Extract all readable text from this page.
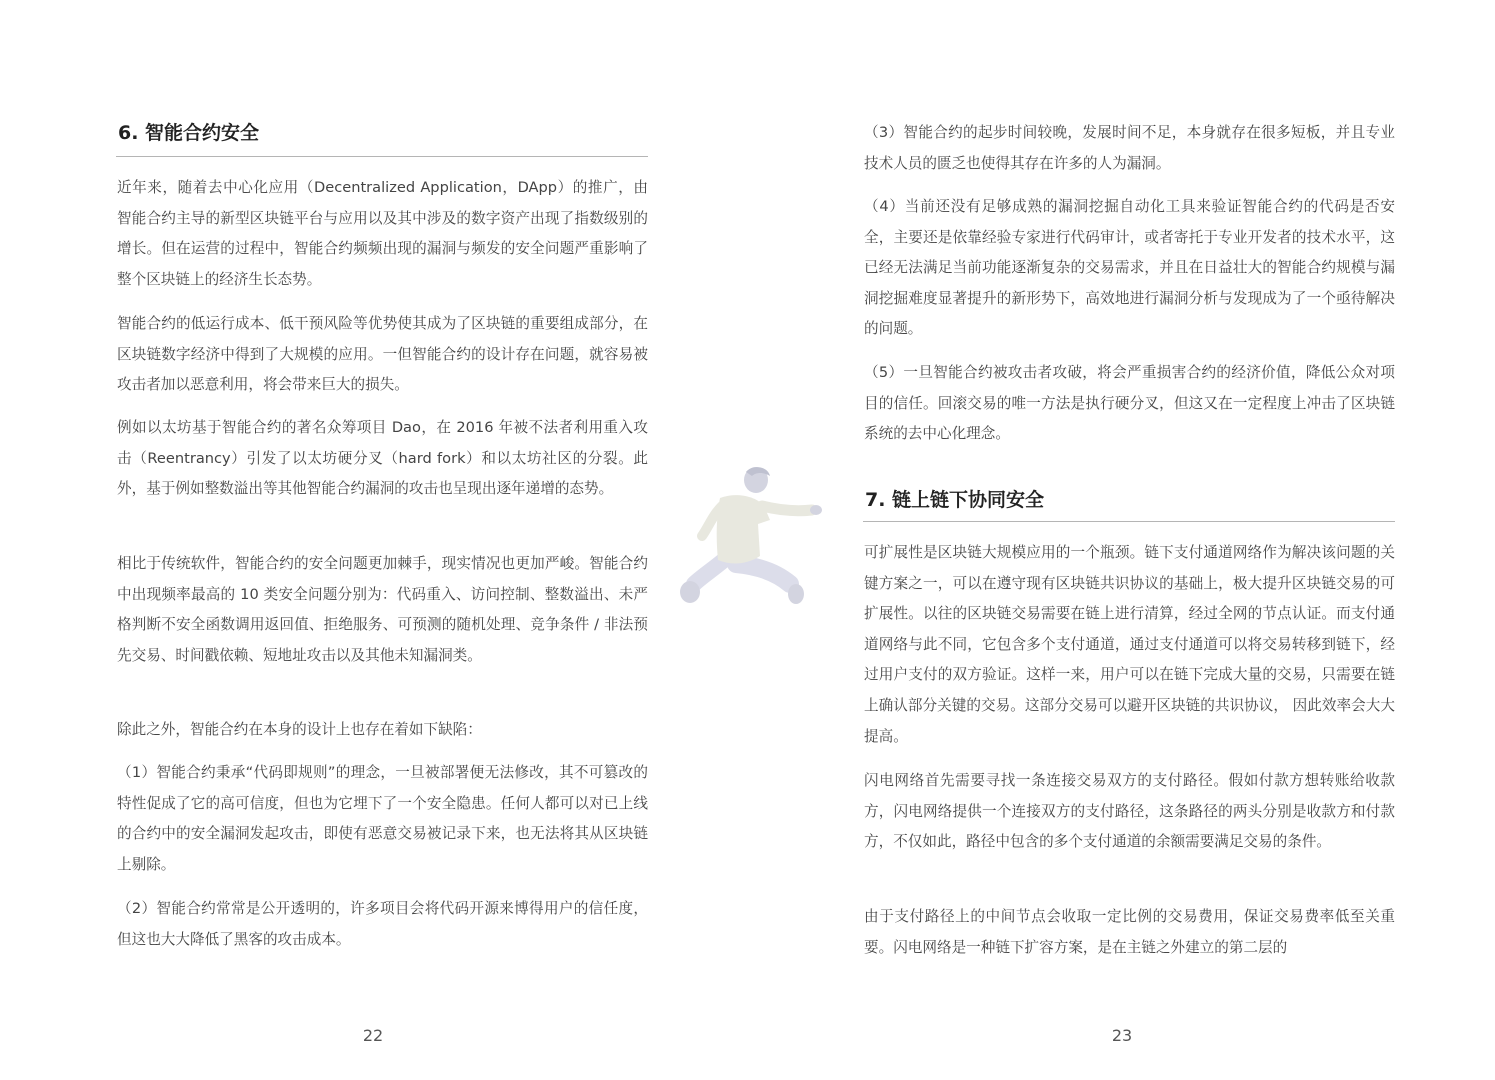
6. 智能合约安全
近年来，随着去中心化应用（Decentralized Application，DApp）的推广，由智能合约主导的新型区块链平台与应用以及其中涉及的数字资产出现了指数级别的增长。但在运营的过程中，智能合约频频出现的漏洞与频发的安全问题严重影响了整个区块链上的经济生长态势。
智能合约的低运行成本、低干预风险等优势使其成为了区块链的重要组成部分，在区块链数字经济中得到了大规模的应用。一但智能合约的设计存在问题，就容易被攻击者加以恶意利用，将会带来巨大的损失。
例如以太坊基于智能合约的著名众筹项目 Dao，在 2016 年被不法者利用重入攻击（Reentrancy）引发了以太坊硬分叉（hard fork）和以太坊社区的分裂。此外，基于例如整数溢出等其他智能合约漏洞的攻击也呈现出逐年递增的态势。
相比于传统软件，智能合约的安全问题更加棘手，现实情况也更加严峻。智能合约中出现频率最高的 10 类安全问题分别为：代码重入、访问控制、整数溢出、未严格判断不安全函数调用返回值、拒绝服务、可预测的随机处理、竞争条件 / 非法预先交易、时间戳依赖、短地址攻击以及其他未知漏洞类。
除此之外，智能合约在本身的设计上也存在着如下缺陷：
（1）智能合约秉承“代码即规则”的理念，一旦被部署便无法修改，其不可篡改的特性促成了它的高可信度，但也为它埋下了一个安全隐患。任何人都可以对已上线的合约中的安全漏洞发起攻击，即使有恶意交易被记录下来，也无法将其从区块链上剔除。
（2）智能合约常常是公开透明的，许多项目会将代码开源来博得用户的信任度，但这也大大降低了黑客的攻击成本。
22
（3）智能合约的起步时间较晚，发展时间不足，本身就存在很多短板，并且专业技术人员的匮乏也使得其存在许多的人为漏洞。
（4）当前还没有足够成熟的漏洞挖掘自动化工具来验证智能合约的代码是否安全，主要还是依靠经验专家进行代码审计，或者寄托于专业开发者的技术水平，这已经无法满足当前功能逐渐复杂的交易需求，并且在日益壮大的智能合约规模与漏洞挖掘难度显著提升的新形势下，高效地进行漏洞分析与发现成为了一个亟待解决的问题。
（5）一旦智能合约被攻击者攻破，将会严重损害合约的经济价值，降低公众对项目的信任。回滚交易的唯一方法是执行硬分叉，但这又在一定程度上冲击了区块链系统的去中心化理念。
7. 链上链下协同安全
可扩展性是区块链大规模应用的一个瓶颈。链下支付通道网络作为解决该问题的关键方案之一，可以在遵守现有区块链共识协议的基础上，极大提升区块链交易的可扩展性。以往的区块链交易需要在链上进行清算，经过全网的节点认证。而支付通道网络与此不同，它包含多个支付通道，通过支付通道可以将交易转移到链下，经过用户支付的双方验证。这样一来，用户可以在链下完成大量的交易，只需要在链上确认部分关键的交易。这部分交易可以避开区块链的共识协议， 因此效率会大大提高。
闪电网络首先需要寻找一条连接交易双方的支付路径。假如付款方想转账给收款方，闪电网络提供一个连接双方的支付路径，这条路径的两头分别是收款方和付款方，不仅如此，路径中包含的多个支付通道的余额需要满足交易的条件。
由于支付路径上的中间节点会收取一定比例的交易费用，保证交易费率低至关重要。闪电网络是一种链下扩容方案，是在主链之外建立的第二层的
23
